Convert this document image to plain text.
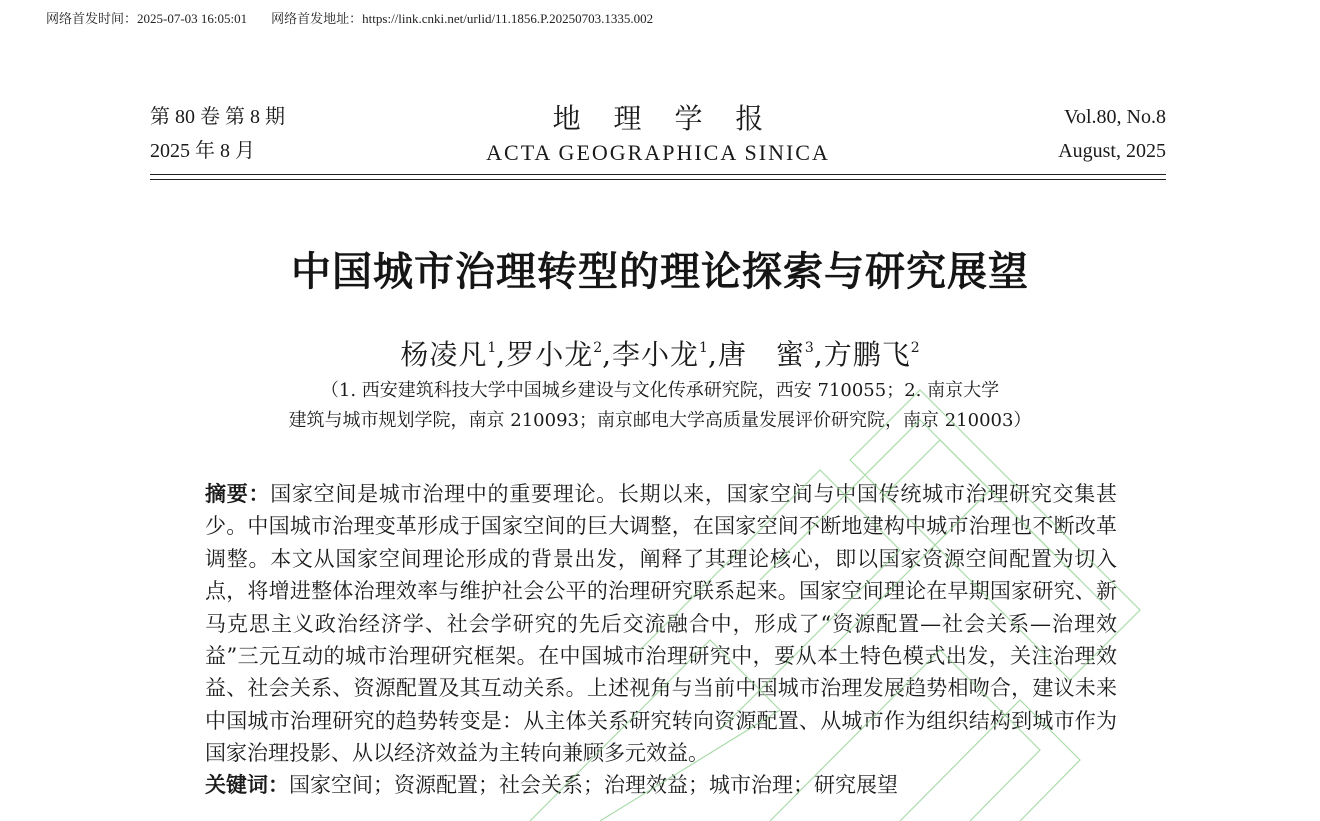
网络首发时间：2025-07-03 16:05:01 网络首发地址：https://link.cnki.net/urlid/11.1856.P.20250703.1335.002
第 80 卷 第 8 期
2025 年 8 月
地 理 学 报
ACTA GEOGRAPHICA SINICA
Vol.80, No.8
August, 2025
中国城市治理转型的理论探索与研究展望
杨凌凡$^1$,罗小龙$^2$,李小龙$^1$,唐　蜜$^3$,方鹏飞$^2$
（1. 西安建筑科技大学中国城乡建设与文化传承研究院，西安 710055；2. 南京大学
建筑与城市规划学院，南京 210093；南京邮电大学高质量发展评价研究院，南京 210003）
摘要：国家空间是城市治理中的重要理论。长期以来，国家空间与中国传统城市治理研究交集甚少。中国城市治理变革形成于国家空间的巨大调整，在国家空间不断地建构中城市治理也不断改革调整。本文从国家空间理论形成的背景出发，阐释了其理论核心，即以国家资源空间配置为切入点，将增进整体治理效率与维护社会公平的治理研究联系起来。国家空间理论在早期国家研究、新马克思主义政治经济学、社会学研究的先后交流融合中，形成了“资源配置—社会关系—治理效益”三元互动的城市治理研究框架。在中国城市治理研究中，要从本土特色模式出发，关注治理效益、社会关系、资源配置及其互动关系。上述视角与当前中国城市治理发展趋势相吻合，建议未来中国城市治理研究的趋势转变是：从主体关系研究转向资源配置、从城市作为组织结构到城市作为国家治理投影、从以经济效益为主转向兼顾多元效益。
关键词：国家空间；资源配置；社会关系；治理效益；城市治理；研究展望
